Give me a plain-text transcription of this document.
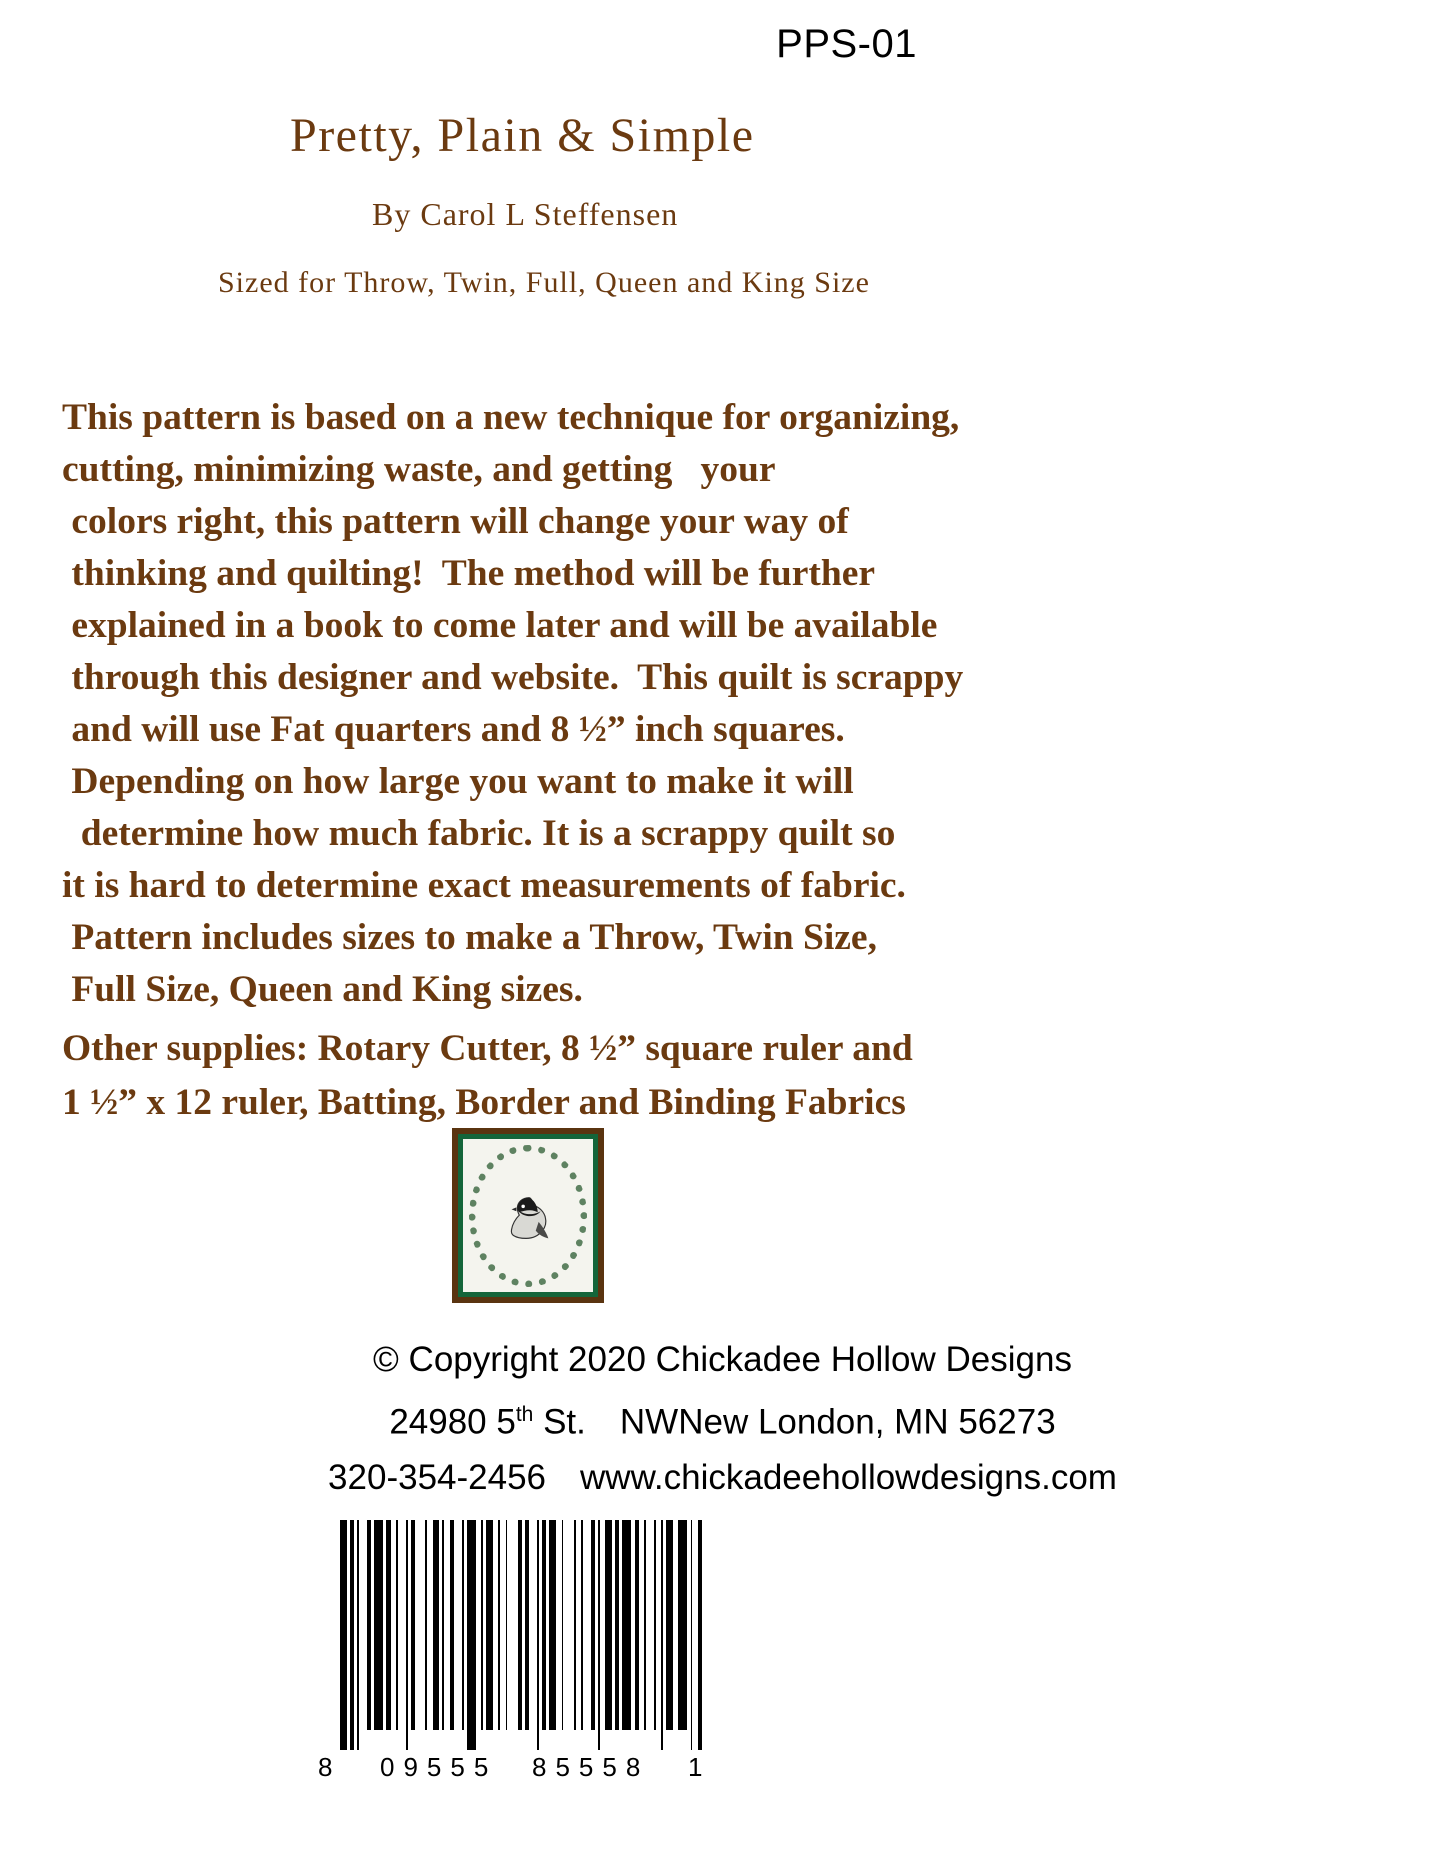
PPS-01
Pretty, Plain & Simple
By Carol L Steffensen
Sized for Throw, Twin, Full, Queen and King Size
This pattern is based on a new technique for organizing,
cutting, minimizing waste, and getting   your
colors right, this pattern will change your way of
thinking and quilting!  The method will be further
explained in a book to come later and will be available
through this designer and website.  This quilt is scrappy
and will use Fat quarters and 8 ½” inch squares.
Depending on how large you want to make it will
determine how much fabric. It is a scrappy quilt so
it is hard to determine exact measurements of fabric.
Pattern includes sizes to make a Throw, Twin Size,
Full Size, Queen and King sizes.
Other supplies: Rotary Cutter, 8 ½” square ruler and
1 ½” x 12 ruler, Batting, Border and Binding Fabrics
© Copyright 2020 Chickadee Hollow Designs
24980 5th St. NWNew London, MN 56273
320-354-2456 www.chickadeehollowdesigns.com
8 09555 85558 1
